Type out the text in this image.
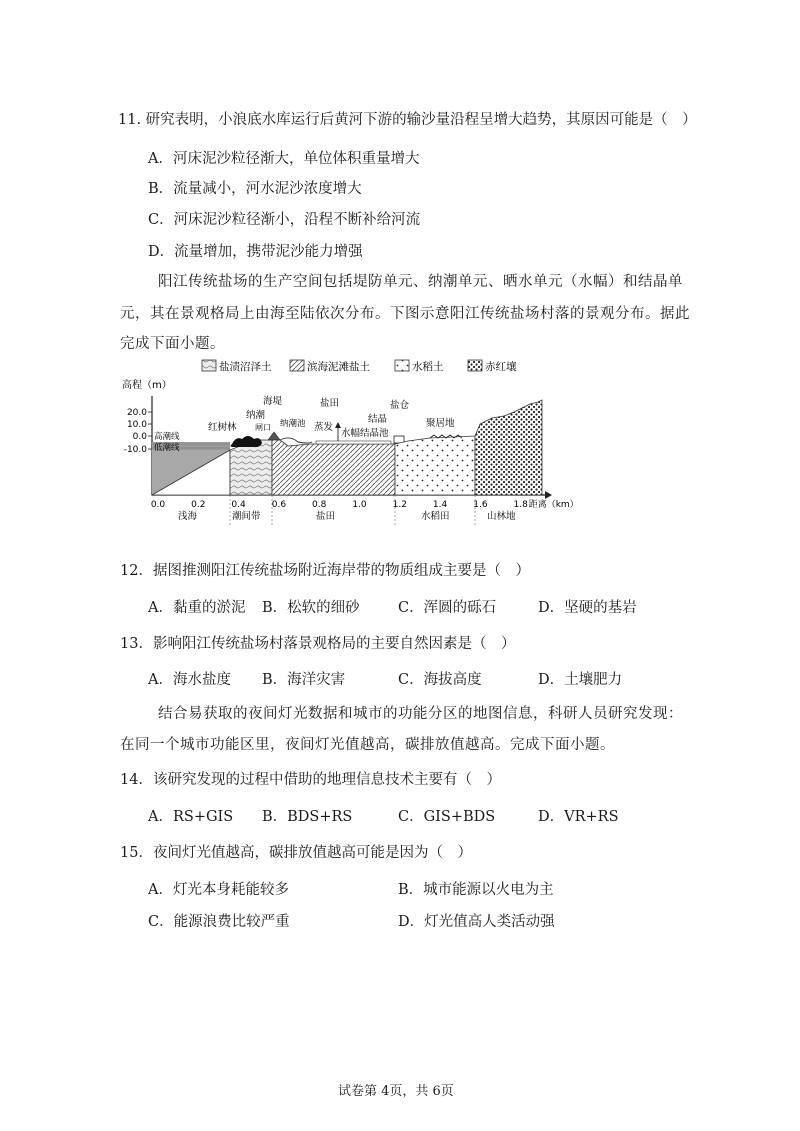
11. 研究表明，小浪底水库运行后黄河下游的输沙量沿程呈增大趋势，其原因可能是（　）
A．河床泥沙粒径渐大，单位体积重量增大
B．流量减小，河水泥沙浓度增大
C．河床泥沙粒径渐小，沿程不断补给河流
D．流量增加，携带泥沙能力增强
阳江传统盐场的生产空间包括堤防单元、纳潮单元、晒水单元（水幅）和结晶单
元，其在景观格局上由海至陆依次分布。下图示意阳江传统盐场村落的景观分布。据此
完成下面小题。
盐渍沼泽土	滨海泥滩盐土	水稻土	赤红壤
高程（m）
20.0
10.0
0.0
-10.0
0.0	0.2	0.4	0.6	0.8	1.0	1.2	1.4	1.6	1.8 距离（km）
高潮线
低潮线
红树林
海堤
纳潮
闸口 纳潮池
盐田
蒸发
水幅
结晶
结晶池
盐仓
聚居地
浅海	潮间带	盐田	水稻田	山林地
12．据图推测阳江传统盐场附近海岸带的物质组成主要是（　）
A．黏重的淤泥 B．松软的细砂	C．浑圆的砾石	D．坚硬的基岩
13．影响阳江传统盐场村落景观格局的主要自然因素是（　）
A．海水盐度 B．海洋灾害	C．海拔高度	D．土壤肥力
结合易获取的夜间灯光数据和城市的功能分区的地图信息，科研人员研究发现：
在同一个城市功能区里，夜间灯光值越高，碳排放值越高。完成下面小题。
14．该研究发现的过程中借助的地理信息技术主要有（　）
A．RS+GIS B．BDS+RS	C．GIS+BDS	D．VR+RS
15．夜间灯光值越高，碳排放值越高可能是因为（　）
A．灯光本身耗能较多	B．城市能源以火电为主
C．能源浪费比较严重	D．灯光值高人类活动强
试卷第 4页，共 6页
